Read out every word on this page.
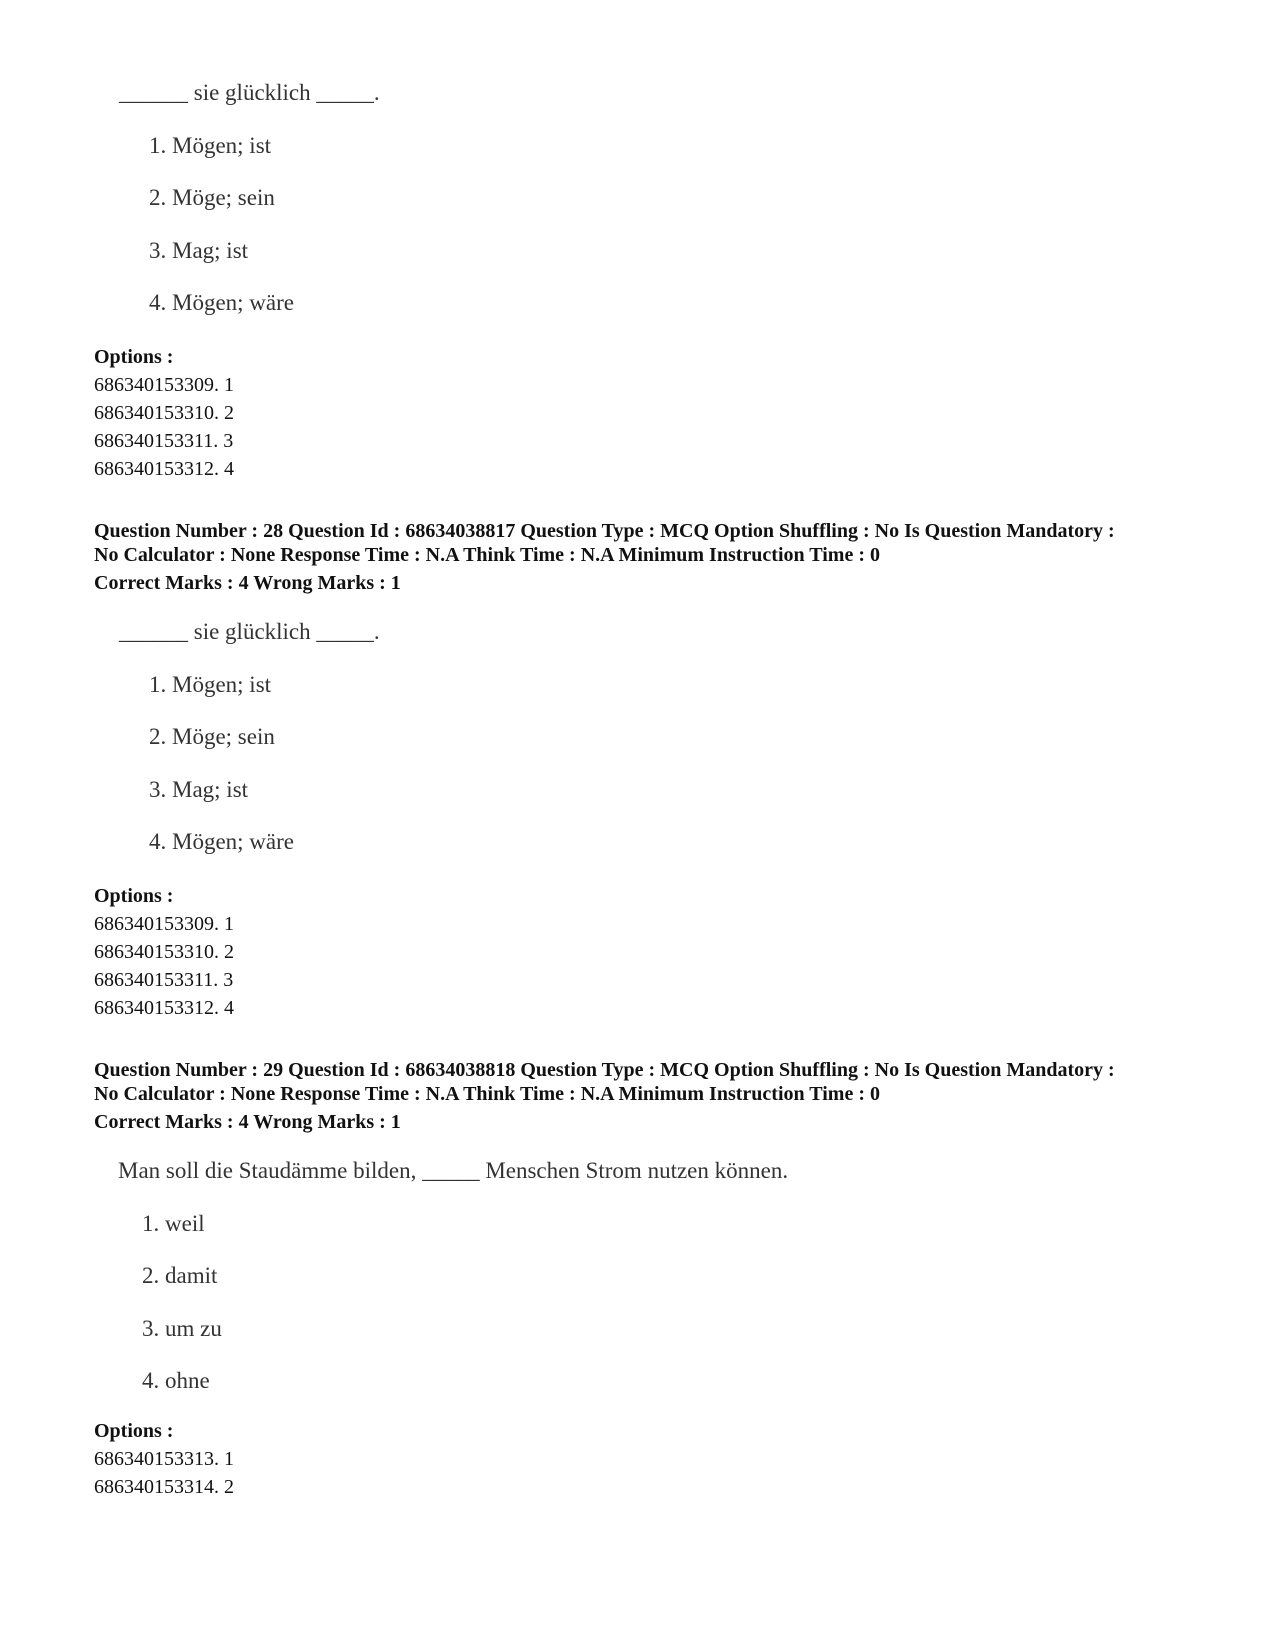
______ sie glücklich _____.
1. Mögen; ist
2. Möge; sein
3. Mag; ist
4. Mögen; wäre
Options :
686340153309. 1
686340153310. 2
686340153311. 3
686340153312. 4
Question Number : 28 Question Id : 68634038817 Question Type : MCQ Option Shuffling : No Is Question Mandatory :
No Calculator : None Response Time : N.A Think Time : N.A Minimum Instruction Time : 0
Correct Marks : 4 Wrong Marks : 1
______ sie glücklich _____.
1. Mögen; ist
2. Möge; sein
3. Mag; ist
4. Mögen; wäre
Options :
686340153309. 1
686340153310. 2
686340153311. 3
686340153312. 4
Question Number : 29 Question Id : 68634038818 Question Type : MCQ Option Shuffling : No Is Question Mandatory :
No Calculator : None Response Time : N.A Think Time : N.A Minimum Instruction Time : 0
Correct Marks : 4 Wrong Marks : 1
Man soll die Staudämme bilden, _____ Menschen Strom nutzen können.
1. weil
2. damit
3. um zu
4. ohne
Options :
686340153313. 1
686340153314. 2
